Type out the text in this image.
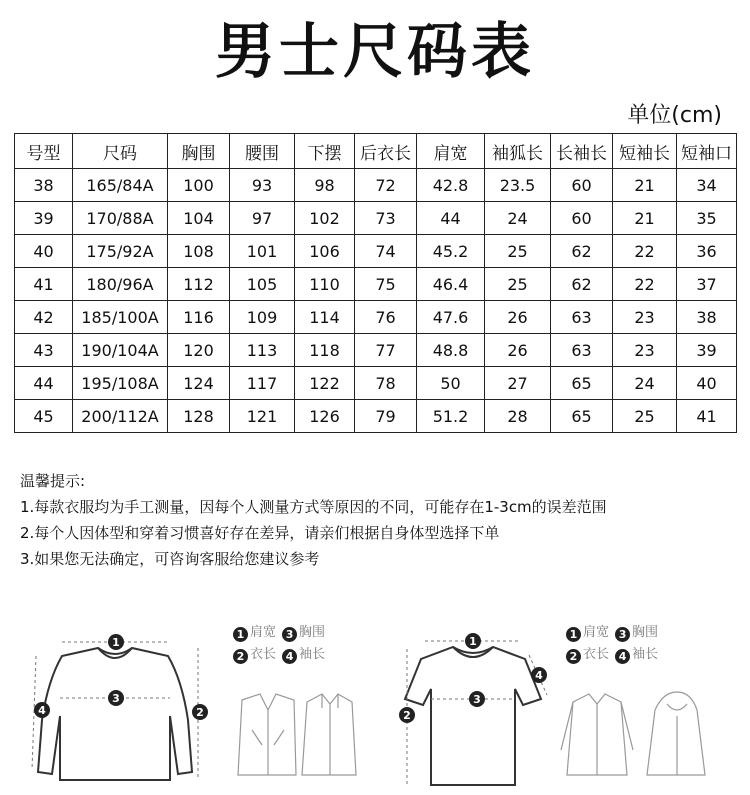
男士尺码表
单位(cm)
号型	尺码	胸围	腰围	下摆	后衣长	肩宽	袖狐长	长袖长	短袖长	短袖口
38	165/84A	100	93	98	72	42.8	23.5	60	21	34
39	170/88A	104	97	102	73	44	24	60	21	35
40	175/92A	108	101	106	74	45.2	25	62	22	36
41	180/96A	112	105	110	75	46.4	25	62	22	37
42	185/100A	116	109	114	76	47.6	26	63	23	38
43	190/104A	120	113	118	77	48.8	26	63	23	39
44	195/108A	124	117	122	78	50	27	65	24	40
45	200/112A	128	121	126	79	51.2	28	65	25	41
温馨提示:
1.每款衣服均为手工测量，因每个人测量方式等原因的不同，可能存在1-3cm的误差范围
2.每个人因体型和穿着习惯喜好存在差异，请亲们根据自身体型选择下单
3.如果您无法确定，可咨询客服给您建议参考
1
3
2
4
1 肩宽 3 胸围
2 衣长 4 袖长
1
3
2
4
1 肩宽 3 胸围
2 衣长 4 袖长
